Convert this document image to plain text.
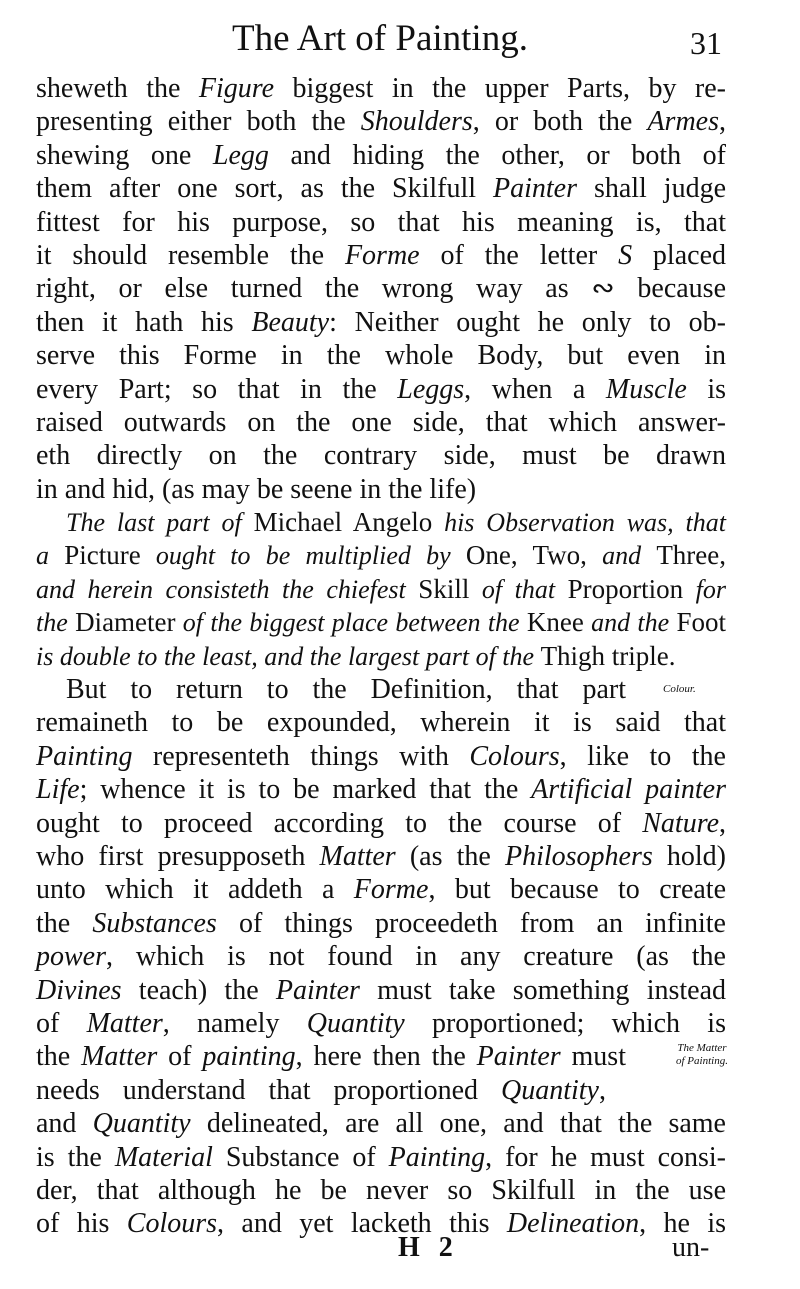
The Art of Painting.	31
sheweth the Figure biggest in the upper Parts, by re-
presenting either both the Shoulders, or both the Armes,
shewing one Legg and hiding the other, or both of
them after one sort, as the Skilfull Painter shall judge
fittest for his purpose, so that his meaning is, that
it should resemble the Forme of the letter S placed
right, or else turned the wrong way as ∾ because
then it hath his Beauty: Neither ought he only to ob-
serve this Forme in the whole Body, but even in
every Part; so that in the Leggs, when a Muscle is
raised outwards on the one side, that which answer-
eth directly on the contrary side, must be drawn
in and hid, (as may be seene in the life)
The last part of Michael Angelo his Observation was, that
a Picture ought to be multiplied by One, Two, and Three,
and herein consisteth the chiefest Skill of that Proportion for
the Diameter of the biggest place between the Knee and the Foot
is double to the least, and the largest part of the Thigh triple.
But to return to the Definition, that part
remaineth to be expounded, wherein it is said that
Painting representeth things with Colours, like to the
Life; whence it is to be marked that the Artificial painter
ought to proceed according to the course of Nature,
who first presupposeth Matter (as the Philosophers hold)
unto which it addeth a Forme, but because to create
the Substances of things proceedeth from an infinite
power, which is not found in any creature (as the
Divines teach) the Painter must take something instead
of Matter, namely Quantity proportioned; which is
the Matter of painting, here then the Painter must
needs understand that proportioned Quantity,
and Quantity delineated, are all one, and that the same
is the Material Substance of Painting, for he must consi-
der, that although he be never so Skilfull in the use
of his Colours, and yet lacketh this Delineation, he is
Colour.
The Matter
of Painting.
H 2	un-
